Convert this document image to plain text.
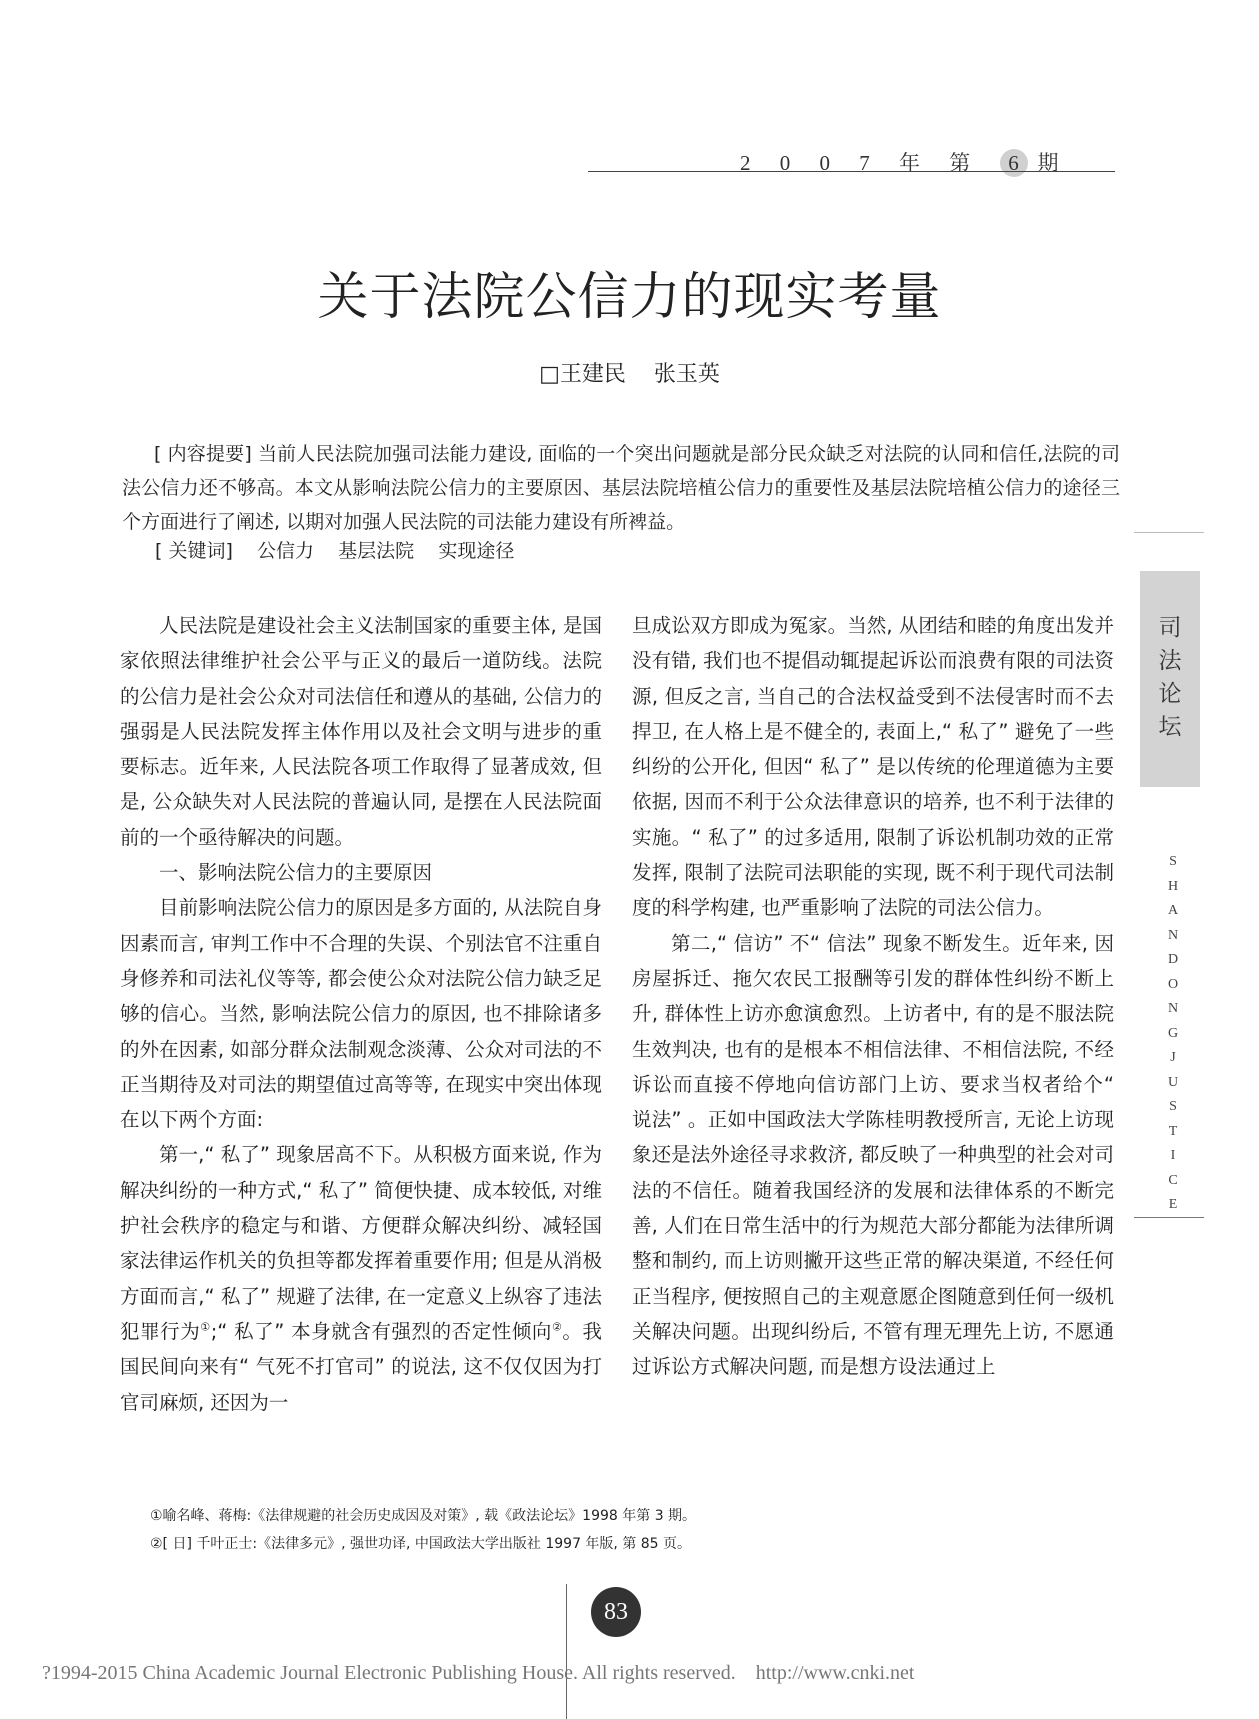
2 0 0 7 年 第 6 期
关于法院公信力的现实考量
□王建民    张玉英
[ 内容提要] 当前人民法院加强司法能力建设, 面临的一个突出问题就是部分民众缺乏对法院的认同和信任,法院的司法公信力还不够高。本文从影响法院公信力的主要原因、基层法院培植公信力的重要性及基层法院培植公信力的途径三个方面进行了阐述, 以期对加强人民法院的司法能力建设有所裨益。
[ 关键词]    公信力    基层法院    实现途径

人民法院是建设社会主义法制国家的重要主体, 是国家依照法律维护社会公平与正义的最后一道防线。法院的公信力是社会公众对司法信任和遵从的基础, 公信力的强弱是人民法院发挥主体作用以及社会文明与进步的重要标志。近年来, 人民法院各项工作取得了显著成效, 但是, 公众缺失对人民法院的普遍认同, 是摆在人民法院面前的一个亟待解决的问题。

一、影响法院公信力的主要原因

目前影响法院公信力的原因是多方面的, 从法院自身因素而言, 审判工作中不合理的失误、个别法官不注重自身修养和司法礼仪等等, 都会使公众对法院公信力缺乏足够的信心。当然, 影响法院公信力的原因, 也不排除诸多的外在因素, 如部分群众法制观念淡薄、公众对司法的不正当期待及对司法的期望值过高等等, 在现实中突出体现在以下两个方面:

第一,“ 私了” 现象居高不下。从积极方面来说, 作为解决纠纷的一种方式,“ 私了” 简便快捷、成本较低, 对维护社会秩序的稳定与和谐、方便群众解决纠纷、减轻国家法律运作机关的负担等都发挥着重要作用; 但是从消极方面而言,“ 私了” 规避了法律, 在一定意义上纵容了违法犯罪行为①;“ 私了” 本身就含有强烈的否定性倾向②。我国民间向来有“ 气死不打官司” 的说法, 这不仅仅因为打官司麻烦, 还因为一

旦成讼双方即成为冤家。当然, 从团结和睦的角度出发并没有错, 我们也不提倡动辄提起诉讼而浪费有限的司法资源, 但反之言, 当自己的合法权益受到不法侵害时而不去捍卫, 在人格上是不健全的, 表面上,“ 私了” 避免了一些纠纷的公开化, 但因“ 私了” 是以传统的伦理道德为主要依据, 因而不利于公众法律意识的培养, 也不利于法律的实施。“ 私了” 的过多适用, 限制了诉讼机制功效的正常发挥, 限制了法院司法职能的实现, 既不利于现代司法制度的科学构建, 也严重影响了法院的司法公信力。

第二,“ 信访” 不“ 信法” 现象不断发生。近年来, 因房屋拆迁、拖欠农民工报酬等引发的群体性纠纷不断上升, 群体性上访亦愈演愈烈。上访者中, 有的是不服法院生效判决, 也有的是根本不相信法律、不相信法院, 不经诉讼而直接不停地向信访部门上访、要求当权者给个“ 说法” 。正如中国政法大学陈桂明教授所言, 无论上访现象还是法外途径寻求救济, 都反映了一种典型的社会对司法的不信任。随着我国经济的发展和法律体系的不断完善, 人们在日常生活中的行为规范大部分都能为法律所调整和制约, 而上访则撇开这些正常的解决渠道, 不经任何正当程序, 便按照自己的主观意愿企图随意到任何一级机关解决问题。出现纠纷后, 不管有理无理先上访, 不愿通过诉讼方式解决问题, 而是想方设法通过上

司
法
论
坛
S
H
A
N
D
O
N
G
J
U
S
T
I
C
E
①喻名峰、蒋梅:《法律规避的社会历史成因及对策》, 载《政法论坛》1998 年第 3 期。
②[ 日] 千叶正士:《法律多元》, 强世功译, 中国政法大学出版社 1997 年版, 第 85 页。
83
?1994-2015 China Academic Journal Electronic Publishing House. All rights reserved.    http://www.cnki.net
